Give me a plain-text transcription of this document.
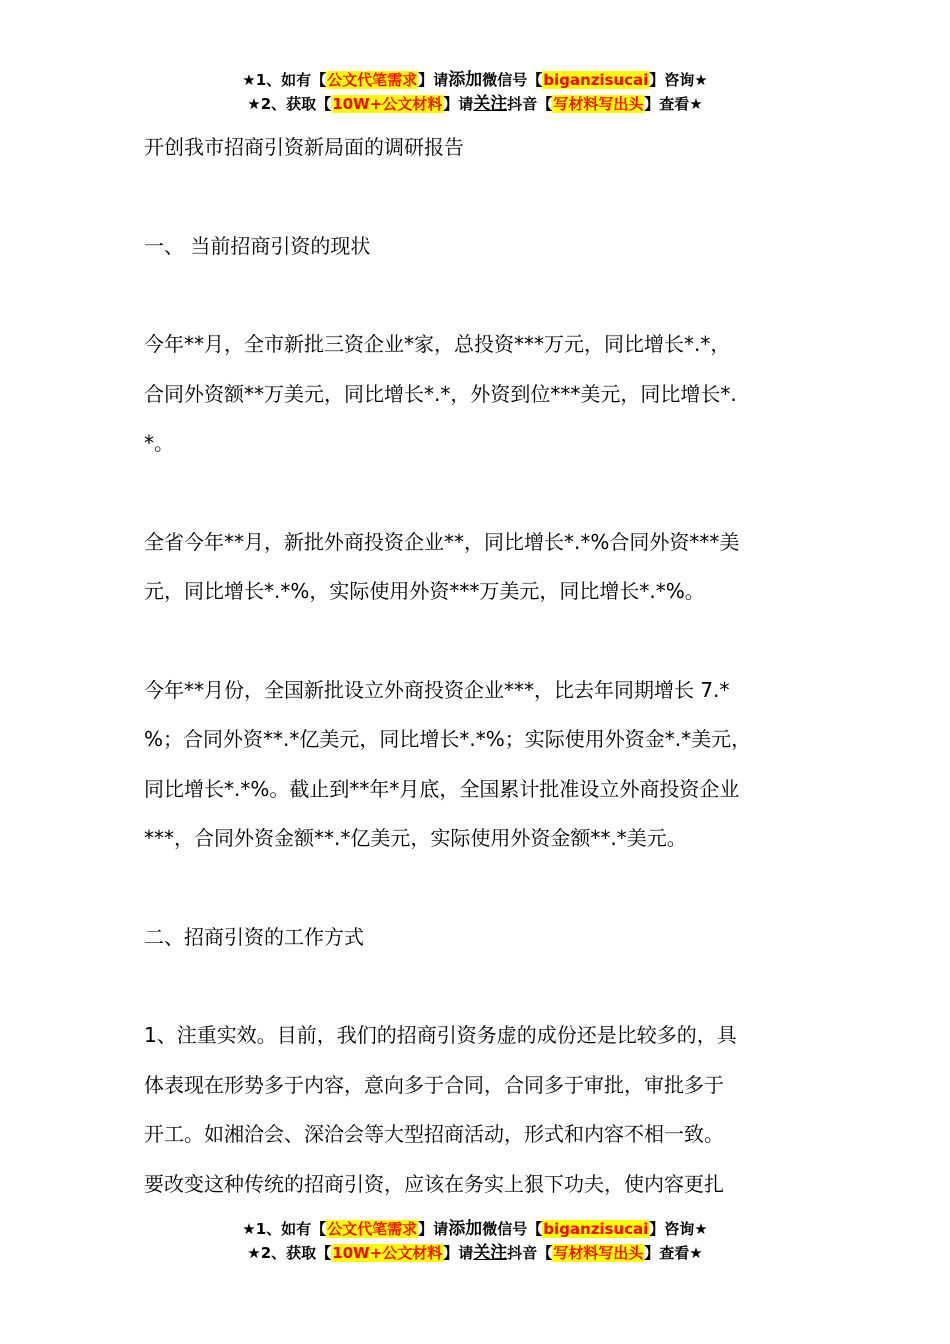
★1、如有【公文代笔需求】请添加微信号【biganzisucai】咨询★
★2、获取【10W+公文材料】请关注抖音【写材料写出头】查看★

开创我市招商引资新局面的调研报告

一、 当前招商引资的现状

今年**月，全市新批三资企业*家，总投资***万元，同比增长*.*，

合同外资额**万美元，同比增长*.*，外资到位***美元，同比增长*.

*。

全省今年**月，新批外商投资企业**，同比增长*.*%合同外资***美

元，同比增长*.*%，实际使用外资***万美元，同比增长*.*%。

今年**月份，全国新批设立外商投资企业***，比去年同期增长 7.*

%；合同外资**.*亿美元，同比增长*.*%；实际使用外资金*.*美元，

同比增长*.*%。截止到**年*月底，全国累计批准设立外商投资企业

***，合同外资金额**.*亿美元，实际使用外资金额**.*美元。

二、招商引资的工作方式

1、注重实效。目前，我们的招商引资务虚的成份还是比较多的，具

体表现在形势多于内容，意向多于合同，合同多于审批，审批多于

开工。如湘洽会、深洽会等大型招商活动，形式和内容不相一致。

要改变这种传统的招商引资，应该在务实上狠下功夫，使内容更扎

★1、如有【公文代笔需求】请添加微信号【biganzisucai】咨询★
★2、获取【10W+公文材料】请关注抖音【写材料写出头】查看★
